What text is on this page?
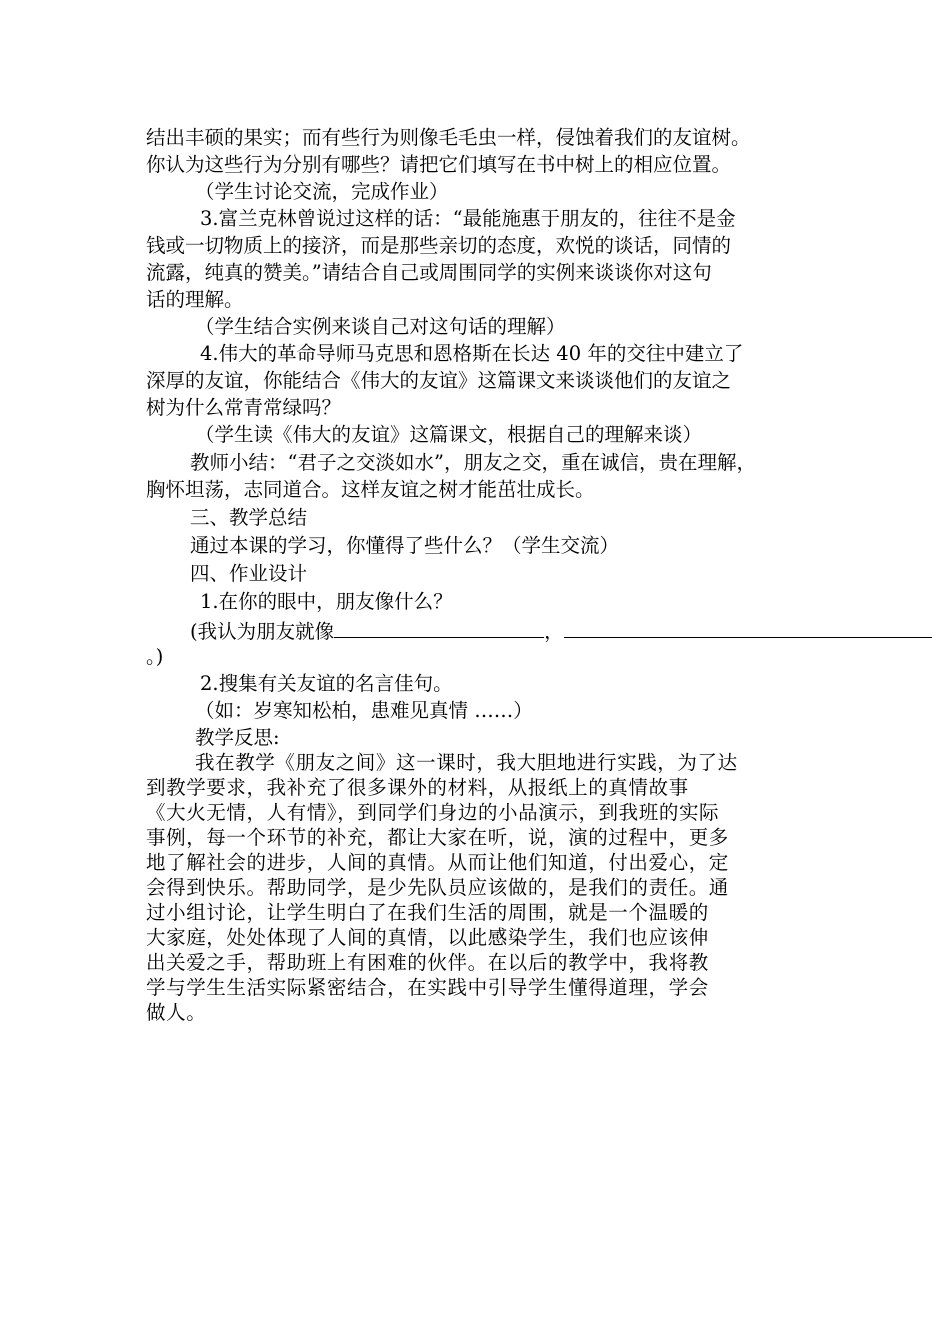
结出丰硕的果实；而有些行为则像毛毛虫一样，侵蚀着我们的友谊树。
你认为这些行为分别有哪些？请把它们填写在书中树上的相应位置。
（学生讨论交流，完成作业）
3.富兰克林曾说过这样的话：“最能施惠于朋友的，往往不是金
钱或一切物质上的接济，而是那些亲切的态度，欢悦的谈话，同情的
流露，纯真的赞美。”请结合自己或周围同学的实例来谈谈你对这句
话的理解。
（学生结合实例来谈自己对这句话的理解）
4.伟大的革命导师马克思和恩格斯在长达 40 年的交往中建立了
深厚的友谊，你能结合《伟大的友谊》这篇课文来谈谈他们的友谊之
树为什么常青常绿吗？
（学生读《伟大的友谊》这篇课文，根据自己的理解来谈）
教师小结：“君子之交淡如水”，朋友之交，重在诚信，贵在理解，
胸怀坦荡，志同道合。这样友谊之树才能茁壮成长。
三、教学总结
通过本课的学习，你懂得了些什么？（学生交流）
四、作业设计
1.在你的眼中，朋友像什么？
(我认为朋友就像	，
。)
2.搜集有关友谊的名言佳句。
（如：岁寒知松柏，患难见真情 ……）
教学反思:
我在教学《朋友之间》这一课时，我大胆地进行实践，为了达
到教学要求，我补充了很多课外的材料，从报纸上的真情故事
《大火无情，人有情》，到同学们身边的小品演示，到我班的实际
事例，每一个环节的补充，都让大家在听，说，演的过程中，更多
地了解社会的进步，人间的真情。从而让他们知道，付出爱心，定
会得到快乐。帮助同学，是少先队员应该做的，是我们的责任。通
过小组讨论，让学生明白了在我们生活的周围，就是一个温暖的
大家庭，处处体现了人间的真情，以此感染学生，我们也应该伸
出关爱之手，帮助班上有困难的伙伴。在以后的教学中，我将教
学与学生生活实际紧密结合，在实践中引导学生懂得道理，学会
做人。
